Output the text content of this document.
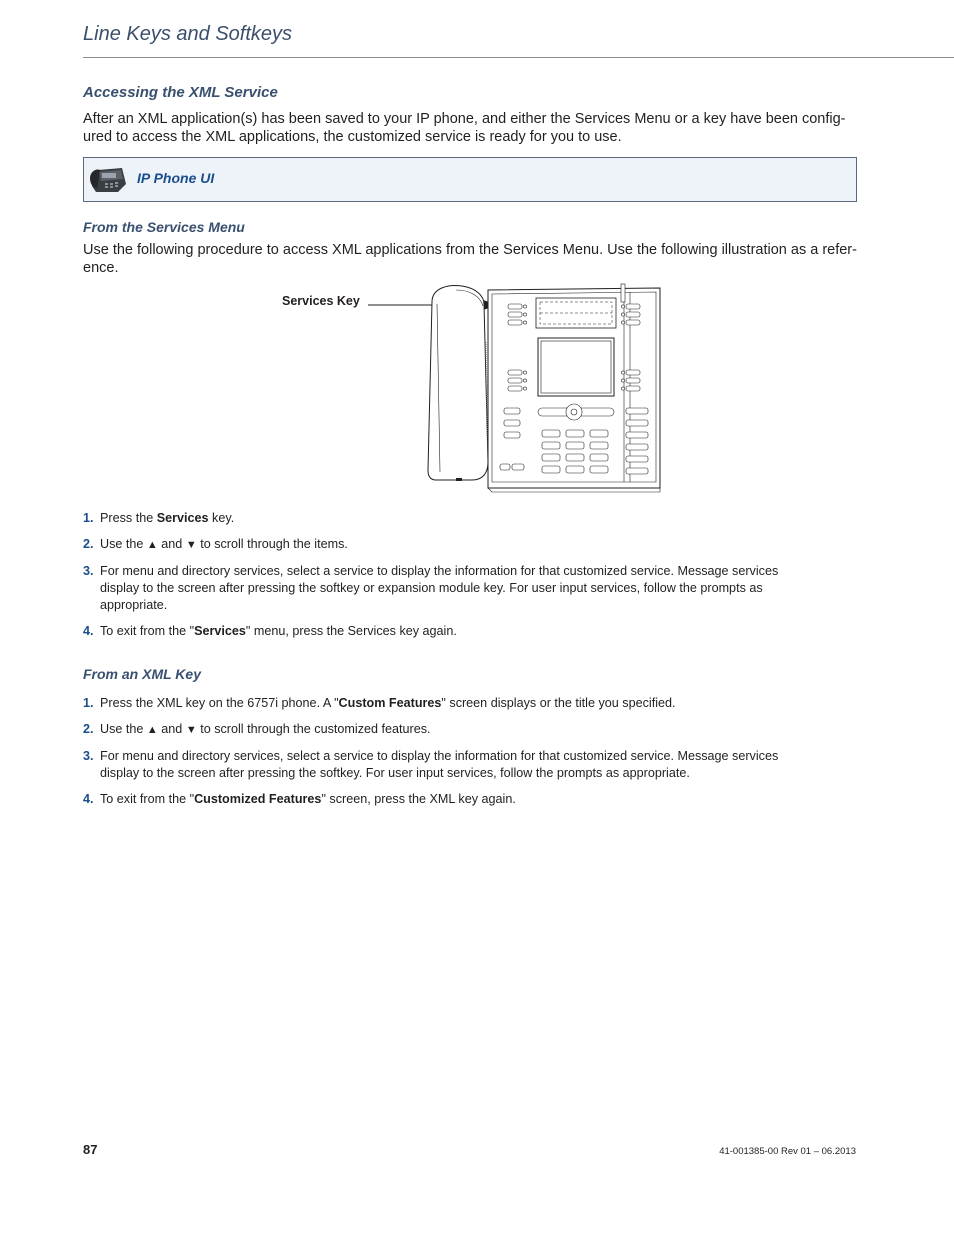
Line Keys and Softkeys
Accessing the XML Service
After an XML application(s) has been saved to your IP phone, and either the Services Menu or a key have been config-ured to access the XML applications, the customized service is ready for you to use.
IP Phone UI
From the Services Menu
Use the following procedure to access XML applications from the Services Menu. Use the following illustration as a refer-ence.
Services Key
1. Press the Services key.
2. Use the ▲ and ▼ to scroll through the items.
3. For menu and directory services, select a service to display the information for that customized service. Message services display to the screen after pressing the softkey or expansion module key. For user input services, follow the prompts as appropriate.
4. To exit from the "Services" menu, press the Services key again.
From an XML Key
1. Press the XML key on the 6757i phone. A "Custom Features" screen displays or the title you specified.
2. Use the ▲ and ▼ to scroll through the customized features.
3. For menu and directory services, select a service to display the information for that customized service. Message services display to the screen after pressing the softkey. For user input services, follow the prompts as appropriate.
4. To exit from the "Customized Features" screen, press the XML key again.
87	41-001385-00 Rev 01 – 06.2013
